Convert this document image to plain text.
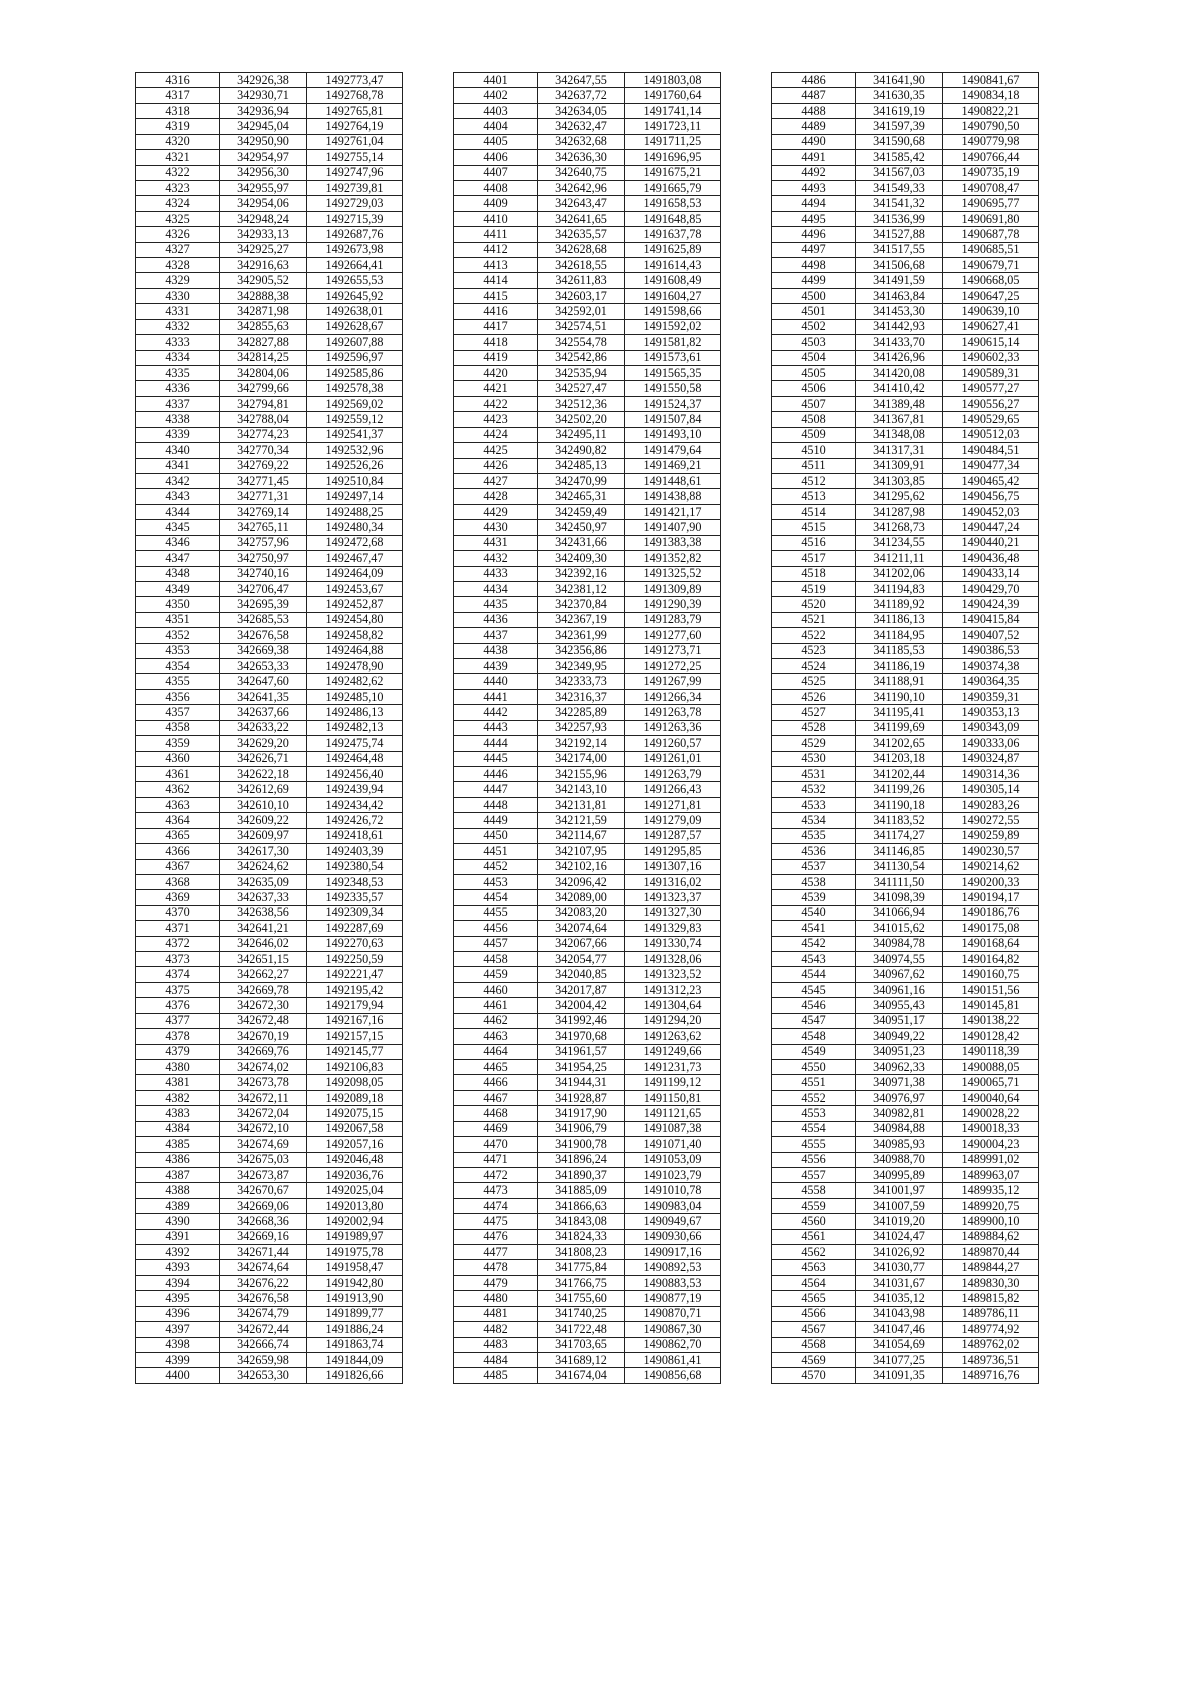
4316	342926,38	1492773,47
4317	342930,71	1492768,78
4318	342936,94	1492765,81
4319	342945,04	1492764,19
4320	342950,90	1492761,04
4321	342954,97	1492755,14
4322	342956,30	1492747,96
4323	342955,97	1492739,81
4324	342954,06	1492729,03
4325	342948,24	1492715,39
4326	342933,13	1492687,76
4327	342925,27	1492673,98
4328	342916,63	1492664,41
4329	342905,52	1492655,53
4330	342888,38	1492645,92
4331	342871,98	1492638,01
4332	342855,63	1492628,67
4333	342827,88	1492607,88
4334	342814,25	1492596,97
4335	342804,06	1492585,86
4336	342799,66	1492578,38
4337	342794,81	1492569,02
4338	342788,04	1492559,12
4339	342774,23	1492541,37
4340	342770,34	1492532,96
4341	342769,22	1492526,26
4342	342771,45	1492510,84
4343	342771,31	1492497,14
4344	342769,14	1492488,25
4345	342765,11	1492480,34
4346	342757,96	1492472,68
4347	342750,97	1492467,47
4348	342740,16	1492464,09
4349	342706,47	1492453,67
4350	342695,39	1492452,87
4351	342685,53	1492454,80
4352	342676,58	1492458,82
4353	342669,38	1492464,88
4354	342653,33	1492478,90
4355	342647,60	1492482,62
4356	342641,35	1492485,10
4357	342637,66	1492486,13
4358	342633,22	1492482,13
4359	342629,20	1492475,74
4360	342626,71	1492464,48
4361	342622,18	1492456,40
4362	342612,69	1492439,94
4363	342610,10	1492434,42
4364	342609,22	1492426,72
4365	342609,97	1492418,61
4366	342617,30	1492403,39
4367	342624,62	1492380,54
4368	342635,09	1492348,53
4369	342637,33	1492335,57
4370	342638,56	1492309,34
4371	342641,21	1492287,69
4372	342646,02	1492270,63
4373	342651,15	1492250,59
4374	342662,27	1492221,47
4375	342669,78	1492195,42
4376	342672,30	1492179,94
4377	342672,48	1492167,16
4378	342670,19	1492157,15
4379	342669,76	1492145,77
4380	342674,02	1492106,83
4381	342673,78	1492098,05
4382	342672,11	1492089,18
4383	342672,04	1492075,15
4384	342672,10	1492067,58
4385	342674,69	1492057,16
4386	342675,03	1492046,48
4387	342673,87	1492036,76
4388	342670,67	1492025,04
4389	342669,06	1492013,80
4390	342668,36	1492002,94
4391	342669,16	1491989,97
4392	342671,44	1491975,78
4393	342674,64	1491958,47
4394	342676,22	1491942,80
4395	342676,58	1491913,90
4396	342674,79	1491899,77
4397	342672,44	1491886,24
4398	342666,74	1491863,74
4399	342659,98	1491844,09
4400	342653,30	1491826,66
4401	342647,55	1491803,08
4402	342637,72	1491760,64
4403	342634,05	1491741,14
4404	342632,47	1491723,11
4405	342632,68	1491711,25
4406	342636,30	1491696,95
4407	342640,75	1491675,21
4408	342642,96	1491665,79
4409	342643,47	1491658,53
4410	342641,65	1491648,85
4411	342635,57	1491637,78
4412	342628,68	1491625,89
4413	342618,55	1491614,43
4414	342611,83	1491608,49
4415	342603,17	1491604,27
4416	342592,01	1491598,66
4417	342574,51	1491592,02
4418	342554,78	1491581,82
4419	342542,86	1491573,61
4420	342535,94	1491565,35
4421	342527,47	1491550,58
4422	342512,36	1491524,37
4423	342502,20	1491507,84
4424	342495,11	1491493,10
4425	342490,82	1491479,64
4426	342485,13	1491469,21
4427	342470,99	1491448,61
4428	342465,31	1491438,88
4429	342459,49	1491421,17
4430	342450,97	1491407,90
4431	342431,66	1491383,38
4432	342409,30	1491352,82
4433	342392,16	1491325,52
4434	342381,12	1491309,89
4435	342370,84	1491290,39
4436	342367,19	1491283,79
4437	342361,99	1491277,60
4438	342356,86	1491273,71
4439	342349,95	1491272,25
4440	342333,73	1491267,99
4441	342316,37	1491266,34
4442	342285,89	1491263,78
4443	342257,93	1491263,36
4444	342192,14	1491260,57
4445	342174,00	1491261,01
4446	342155,96	1491263,79
4447	342143,10	1491266,43
4448	342131,81	1491271,81
4449	342121,59	1491279,09
4450	342114,67	1491287,57
4451	342107,95	1491295,85
4452	342102,16	1491307,16
4453	342096,42	1491316,02
4454	342089,00	1491323,37
4455	342083,20	1491327,30
4456	342074,64	1491329,83
4457	342067,66	1491330,74
4458	342054,77	1491328,06
4459	342040,85	1491323,52
4460	342017,87	1491312,23
4461	342004,42	1491304,64
4462	341992,46	1491294,20
4463	341970,68	1491263,62
4464	341961,57	1491249,66
4465	341954,25	1491231,73
4466	341944,31	1491199,12
4467	341928,87	1491150,81
4468	341917,90	1491121,65
4469	341906,79	1491087,38
4470	341900,78	1491071,40
4471	341896,24	1491053,09
4472	341890,37	1491023,79
4473	341885,09	1491010,78
4474	341866,63	1490983,04
4475	341843,08	1490949,67
4476	341824,33	1490930,66
4477	341808,23	1490917,16
4478	341775,84	1490892,53
4479	341766,75	1490883,53
4480	341755,60	1490877,19
4481	341740,25	1490870,71
4482	341722,48	1490867,30
4483	341703,65	1490862,70
4484	341689,12	1490861,41
4485	341674,04	1490856,68
4486	341641,90	1490841,67
4487	341630,35	1490834,18
4488	341619,19	1490822,21
4489	341597,39	1490790,50
4490	341590,68	1490779,98
4491	341585,42	1490766,44
4492	341567,03	1490735,19
4493	341549,33	1490708,47
4494	341541,32	1490695,77
4495	341536,99	1490691,80
4496	341527,88	1490687,78
4497	341517,55	1490685,51
4498	341506,68	1490679,71
4499	341491,59	1490668,05
4500	341463,84	1490647,25
4501	341453,30	1490639,10
4502	341442,93	1490627,41
4503	341433,70	1490615,14
4504	341426,96	1490602,33
4505	341420,08	1490589,31
4506	341410,42	1490577,27
4507	341389,48	1490556,27
4508	341367,81	1490529,65
4509	341348,08	1490512,03
4510	341317,31	1490484,51
4511	341309,91	1490477,34
4512	341303,85	1490465,42
4513	341295,62	1490456,75
4514	341287,98	1490452,03
4515	341268,73	1490447,24
4516	341234,55	1490440,21
4517	341211,11	1490436,48
4518	341202,06	1490433,14
4519	341194,83	1490429,70
4520	341189,92	1490424,39
4521	341186,13	1490415,84
4522	341184,95	1490407,52
4523	341185,53	1490386,53
4524	341186,19	1490374,38
4525	341188,91	1490364,35
4526	341190,10	1490359,31
4527	341195,41	1490353,13
4528	341199,69	1490343,09
4529	341202,65	1490333,06
4530	341203,18	1490324,87
4531	341202,44	1490314,36
4532	341199,26	1490305,14
4533	341190,18	1490283,26
4534	341183,52	1490272,55
4535	341174,27	1490259,89
4536	341146,85	1490230,57
4537	341130,54	1490214,62
4538	341111,50	1490200,33
4539	341098,39	1490194,17
4540	341066,94	1490186,76
4541	341015,62	1490175,08
4542	340984,78	1490168,64
4543	340974,55	1490164,82
4544	340967,62	1490160,75
4545	340961,16	1490151,56
4546	340955,43	1490145,81
4547	340951,17	1490138,22
4548	340949,22	1490128,42
4549	340951,23	1490118,39
4550	340962,33	1490088,05
4551	340971,38	1490065,71
4552	340976,97	1490040,64
4553	340982,81	1490028,22
4554	340984,88	1490018,33
4555	340985,93	1490004,23
4556	340988,70	1489991,02
4557	340995,89	1489963,07
4558	341001,97	1489935,12
4559	341007,59	1489920,75
4560	341019,20	1489900,10
4561	341024,47	1489884,62
4562	341026,92	1489870,44
4563	341030,77	1489844,27
4564	341031,67	1489830,30
4565	341035,12	1489815,82
4566	341043,98	1489786,11
4567	341047,46	1489774,92
4568	341054,69	1489762,02
4569	341077,25	1489736,51
4570	341091,35	1489716,76
